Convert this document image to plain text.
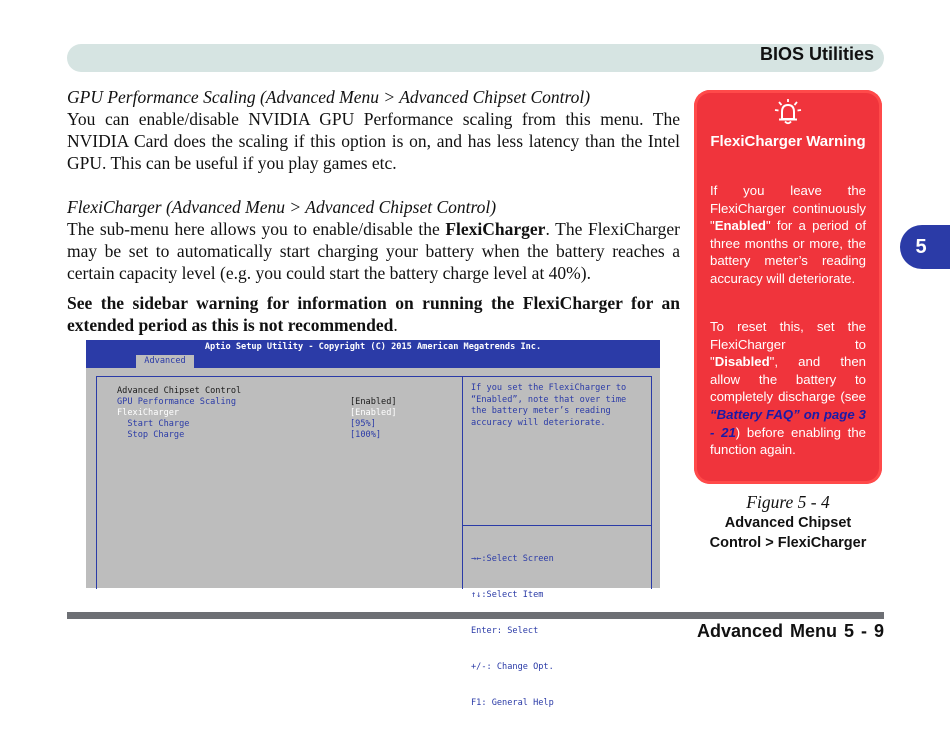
BIOS Utilities

GPU Performance Scaling (Advanced Menu > Advanced Chipset Control)

You can enable/disable NVIDIA GPU Performance scaling from this menu. The NVIDIA Card does the scaling if this option is on, and has less latency than the Intel GPU. This can be useful if you play games etc.

FlexiCharger (Advanced Menu > Advanced Chipset Control)

The sub-menu here allows you to enable/disable the FlexiCharger. The FlexiCharger may be set to automatically start charging your battery when the battery reaches a certain capacity level (e.g. you could start the battery charge level at 40%).

See the sidebar warning for information on running the FlexiCharger for an extended period as this is not recommended.

Aptio Setup Utility - Copyright (C) 2015 American Megatrends Inc.
Advanced
Advanced Chipset Control
GPU Performance Scaling	[Enabled]
FlexiCharger	[Enabled]
Start Charge	[95%]
Stop Charge	[100%]
If you set the FlexiCharger to
“Enabled”, note that over time
the battery meter’s reading
accuracy will deteriorate.

→←:Select Screen

↑↓:Select Item

Enter: Select

+/-: Change Opt.

F1: General Help

FlexiCharger Warning
If you leave the FlexiCharger continuously "Enabled" for a period of three months or more, the battery meter’s reading accuracy will deteriorate.
To reset this, set the FlexiCharger to "Disabled", and then allow the battery to completely discharge (see “Battery FAQ” on page 3 - 21) before enabling the function again.
Figure 5 - 4
Advanced Chipset Control > FlexiCharger
5
Advanced Menu 5 - 9
